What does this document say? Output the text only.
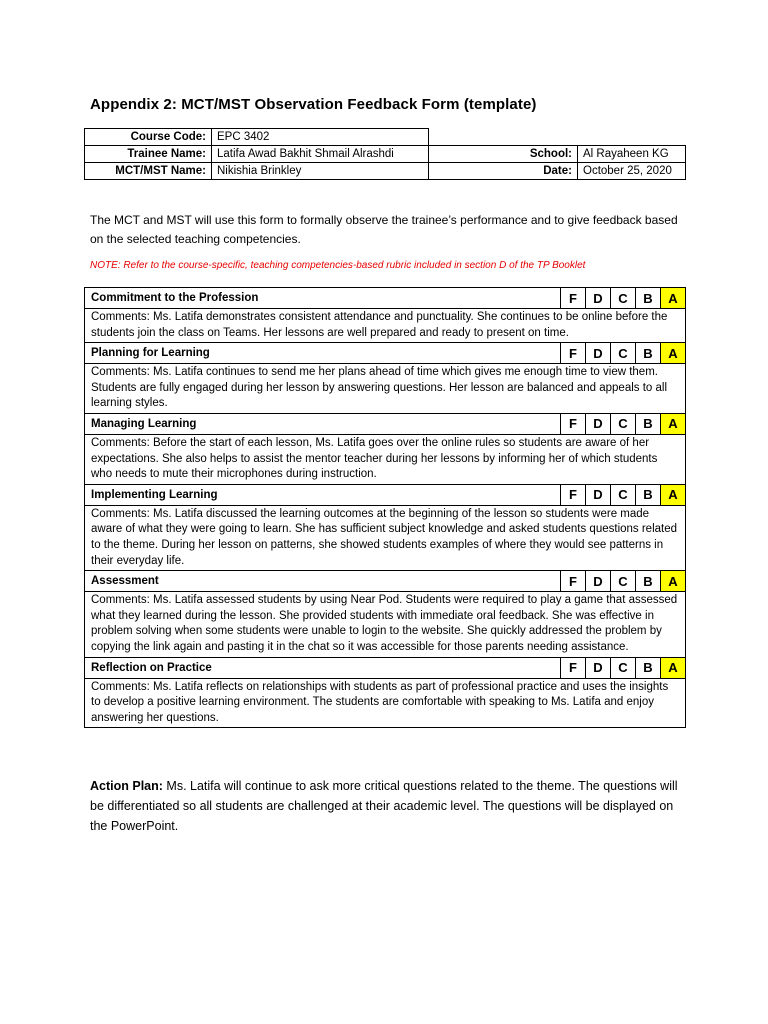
Appendix 2: MCT/MST Observation Feedback Form (template)
Course Code:	EPC 3402			
Trainee Name:	Latifa Awad Bakhit Shmail Alrashdi		School:	Al Rayaheen KG
MCT/MST Name:	Nikishia Brinkley		Date:	October 25, 2020
The MCT and MST will use this form to formally observe the trainee’s performance and to give feedback based on the selected teaching competencies.
NOTE: Refer to the course-specific, teaching competencies-based rubric included in section D of the TP Booklet
Commitment to the Profession	F	D	C	B	A
Comments: Ms. Latifa demonstrates consistent attendance and punctuality. She continues to be online before the students join the class on Teams. Her lessons are well prepared and ready to present on time.					
Planning for Learning	F	D	C	B	A
Comments: Ms. Latifa continues to send me her plans ahead of time which gives me enough time to view them. Students are fully engaged during her lesson by answering questions. Her lesson are balanced and appeals to all learning styles.					
Managing Learning	F	D	C	B	A
Comments: Before the start of each lesson, Ms. Latifa goes over the online rules so students are aware of her expectations. She also helps to assist the mentor teacher during her lessons by informing her of which students who needs to mute their microphones during instruction.					
Implementing Learning	F	D	C	B	A
Comments: Ms. Latifa discussed the learning outcomes at the beginning of the lesson so students were made aware of what they were going to learn. She has sufficient subject knowledge and asked students questions related to the theme. During her lesson on patterns, she showed students examples of where they would see patterns in their everyday life.					
Assessment	F	D	C	B	A
Comments: Ms. Latifa assessed students by using Near Pod. Students were required to play a game that assessed what they learned during the lesson. She provided students with immediate oral feedback. She was effective in problem solving when some students were unable to login to the website. She quickly addressed the problem by copying the link again and pasting it in the chat so it was accessible for those parents needing assistance.					
Reflection on Practice	F	D	C	B	A
Comments: Ms. Latifa reflects on relationships with students as part of professional practice and uses the insights to develop a positive learning environment. The students are comfortable with speaking to Ms. Latifa and enjoy answering her questions.					
Action Plan: Ms. Latifa will continue to ask more critical questions related to the theme. The questions will be differentiated so all students are challenged at their academic level. The questions will be displayed on the PowerPoint.
